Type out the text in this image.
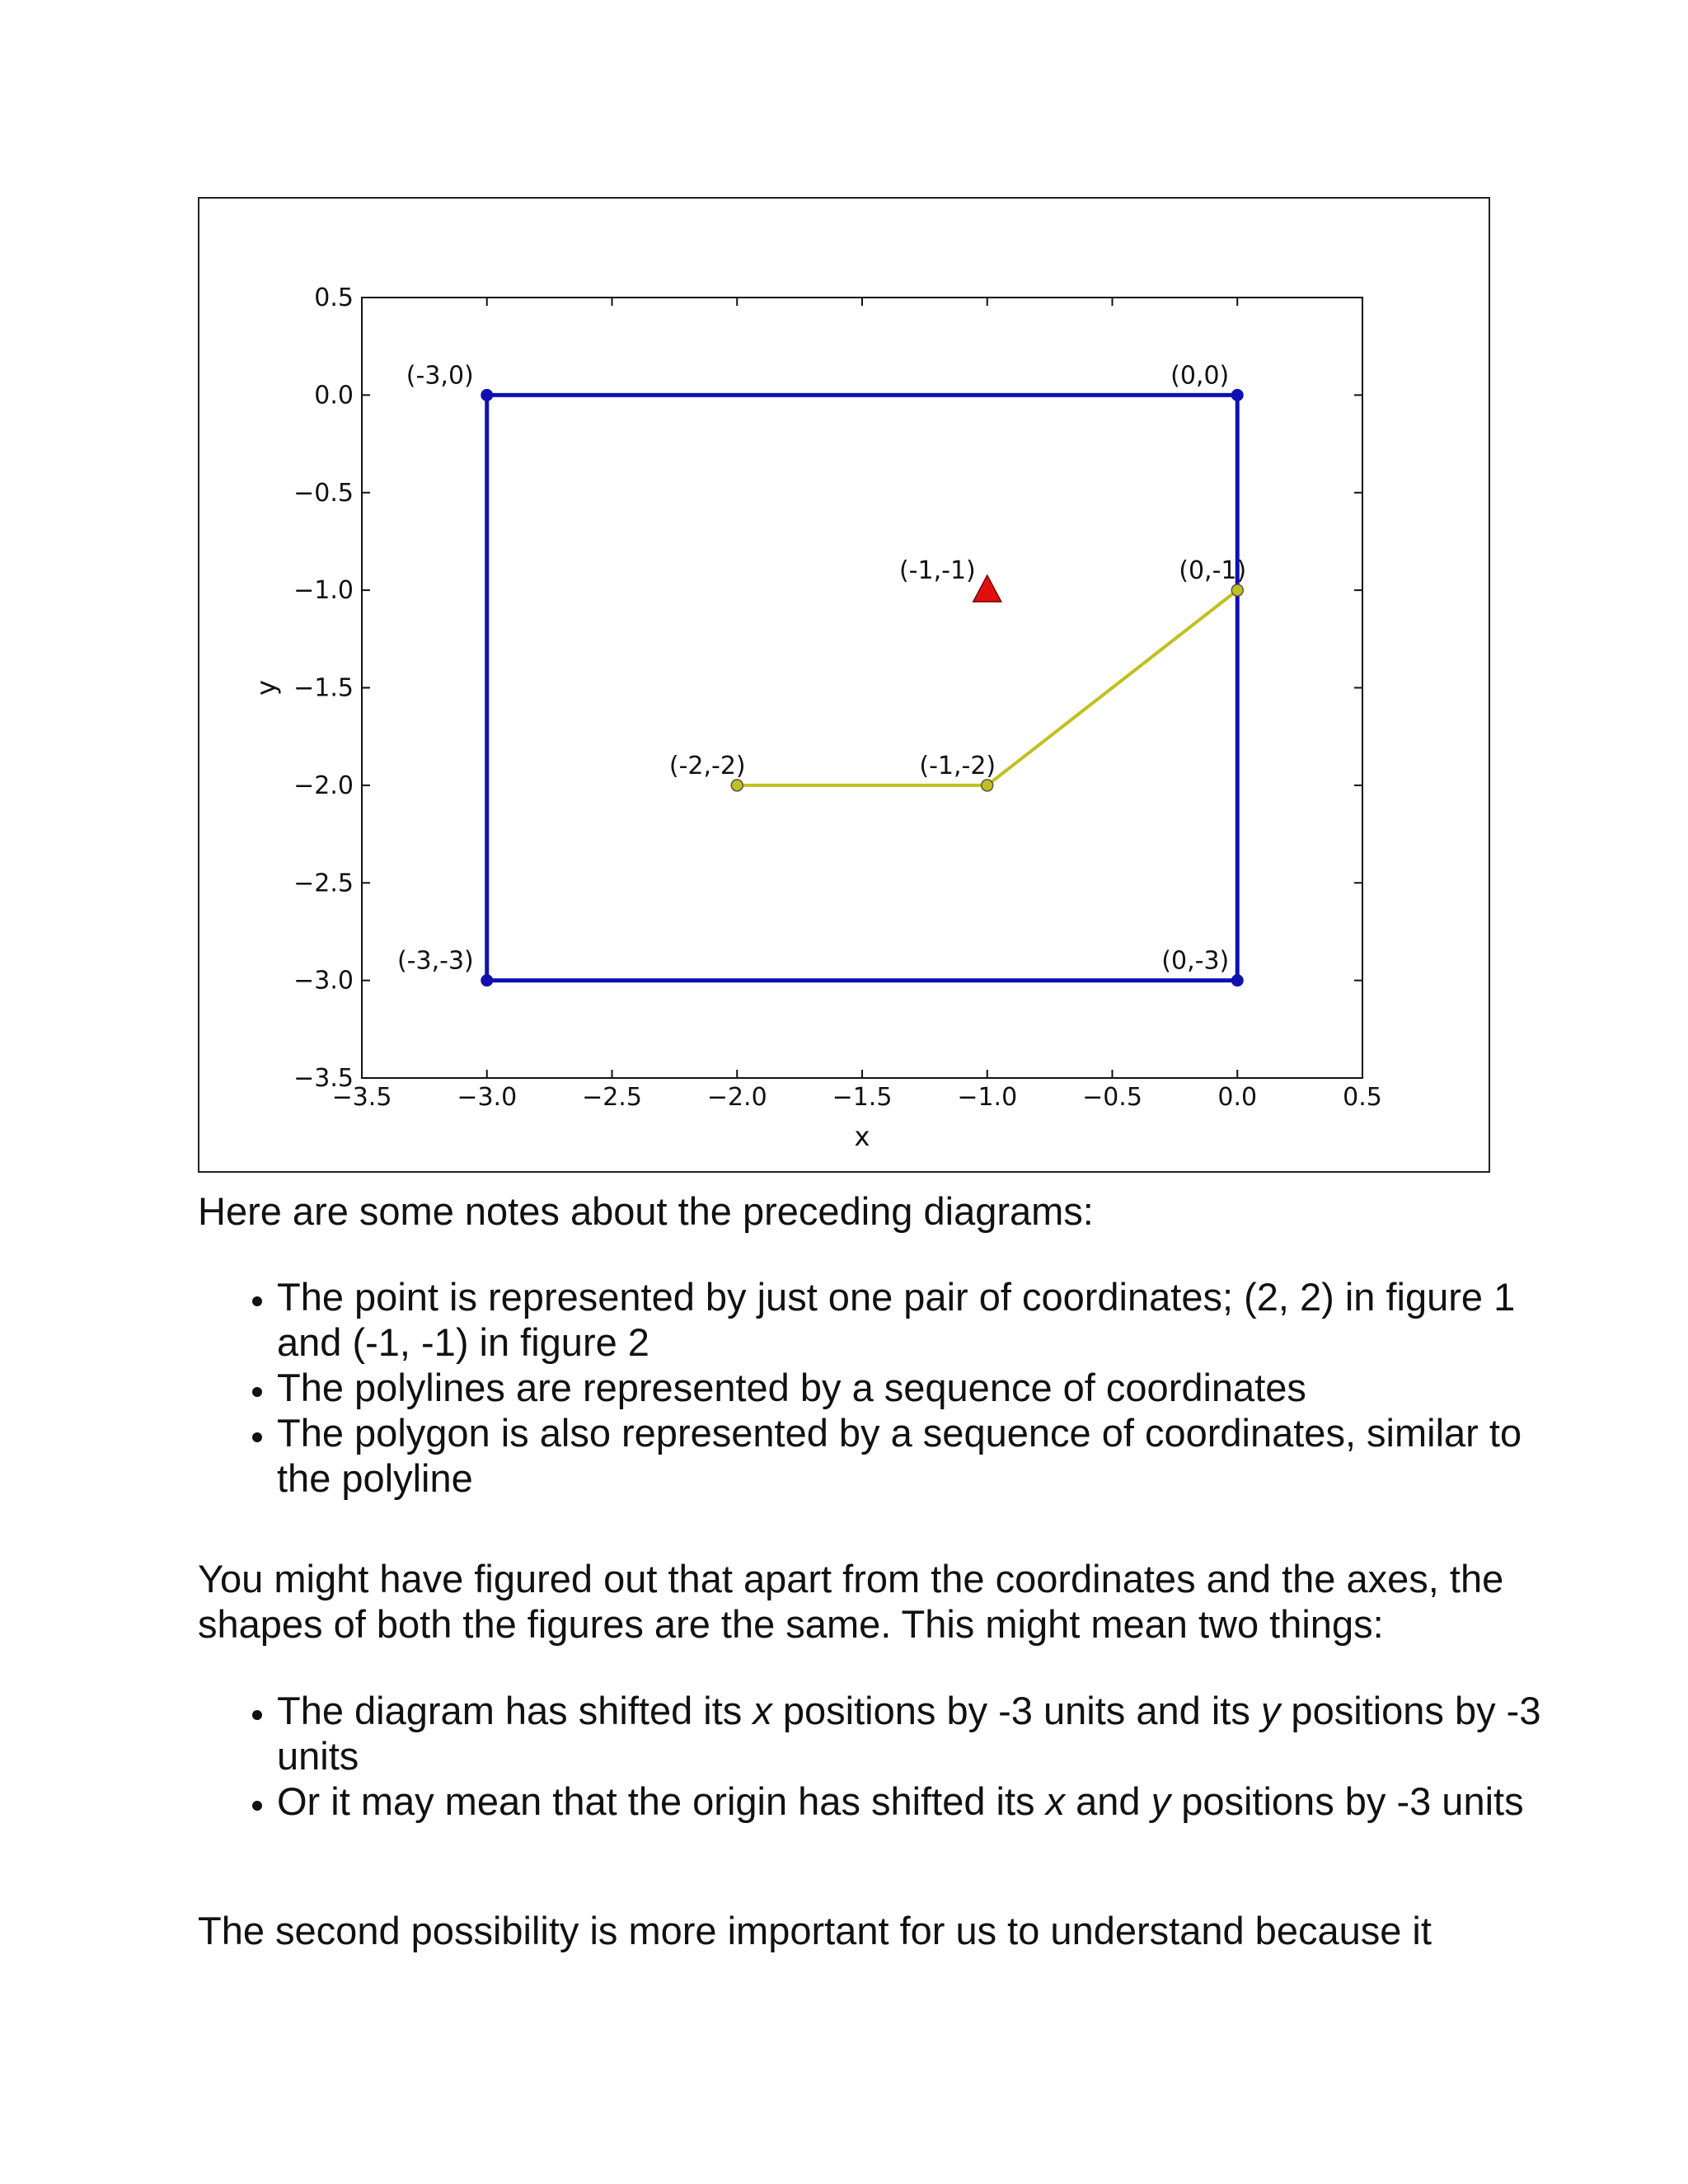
−3.5	−3.0	−2.5	−2.0	−1.5	−1.0	−0.5	0.0	0.5
0.5
0.0
−0.5
−1.0
−1.5
−2.0
−2.5
−3.0
−3.5
x
y
(-3,0)	(0,0)
(0,-3)
(-3,-3)
(-2,-2)	(-1,-2)
(0,-1)
(-1,-1)

Here are some notes about the preceding diagrams:

• The point is represented by just one pair of coordinates; (2, 2) in figure 1 and (-1, -1) in figure 2
• The polylines are represented by a sequence of coordinates
• The polygon is also represented by a sequence of coordinates, similar to the polyline

You might have figured out that apart from the coordinates and the axes, the shapes of both the figures are the same. This might mean two things:

• The diagram has shifted its x positions by -3 units and its y positions by -3 units
• Or it may mean that the origin has shifted its x and y positions by -3 units

The second possibility is more important for us to understand because it
